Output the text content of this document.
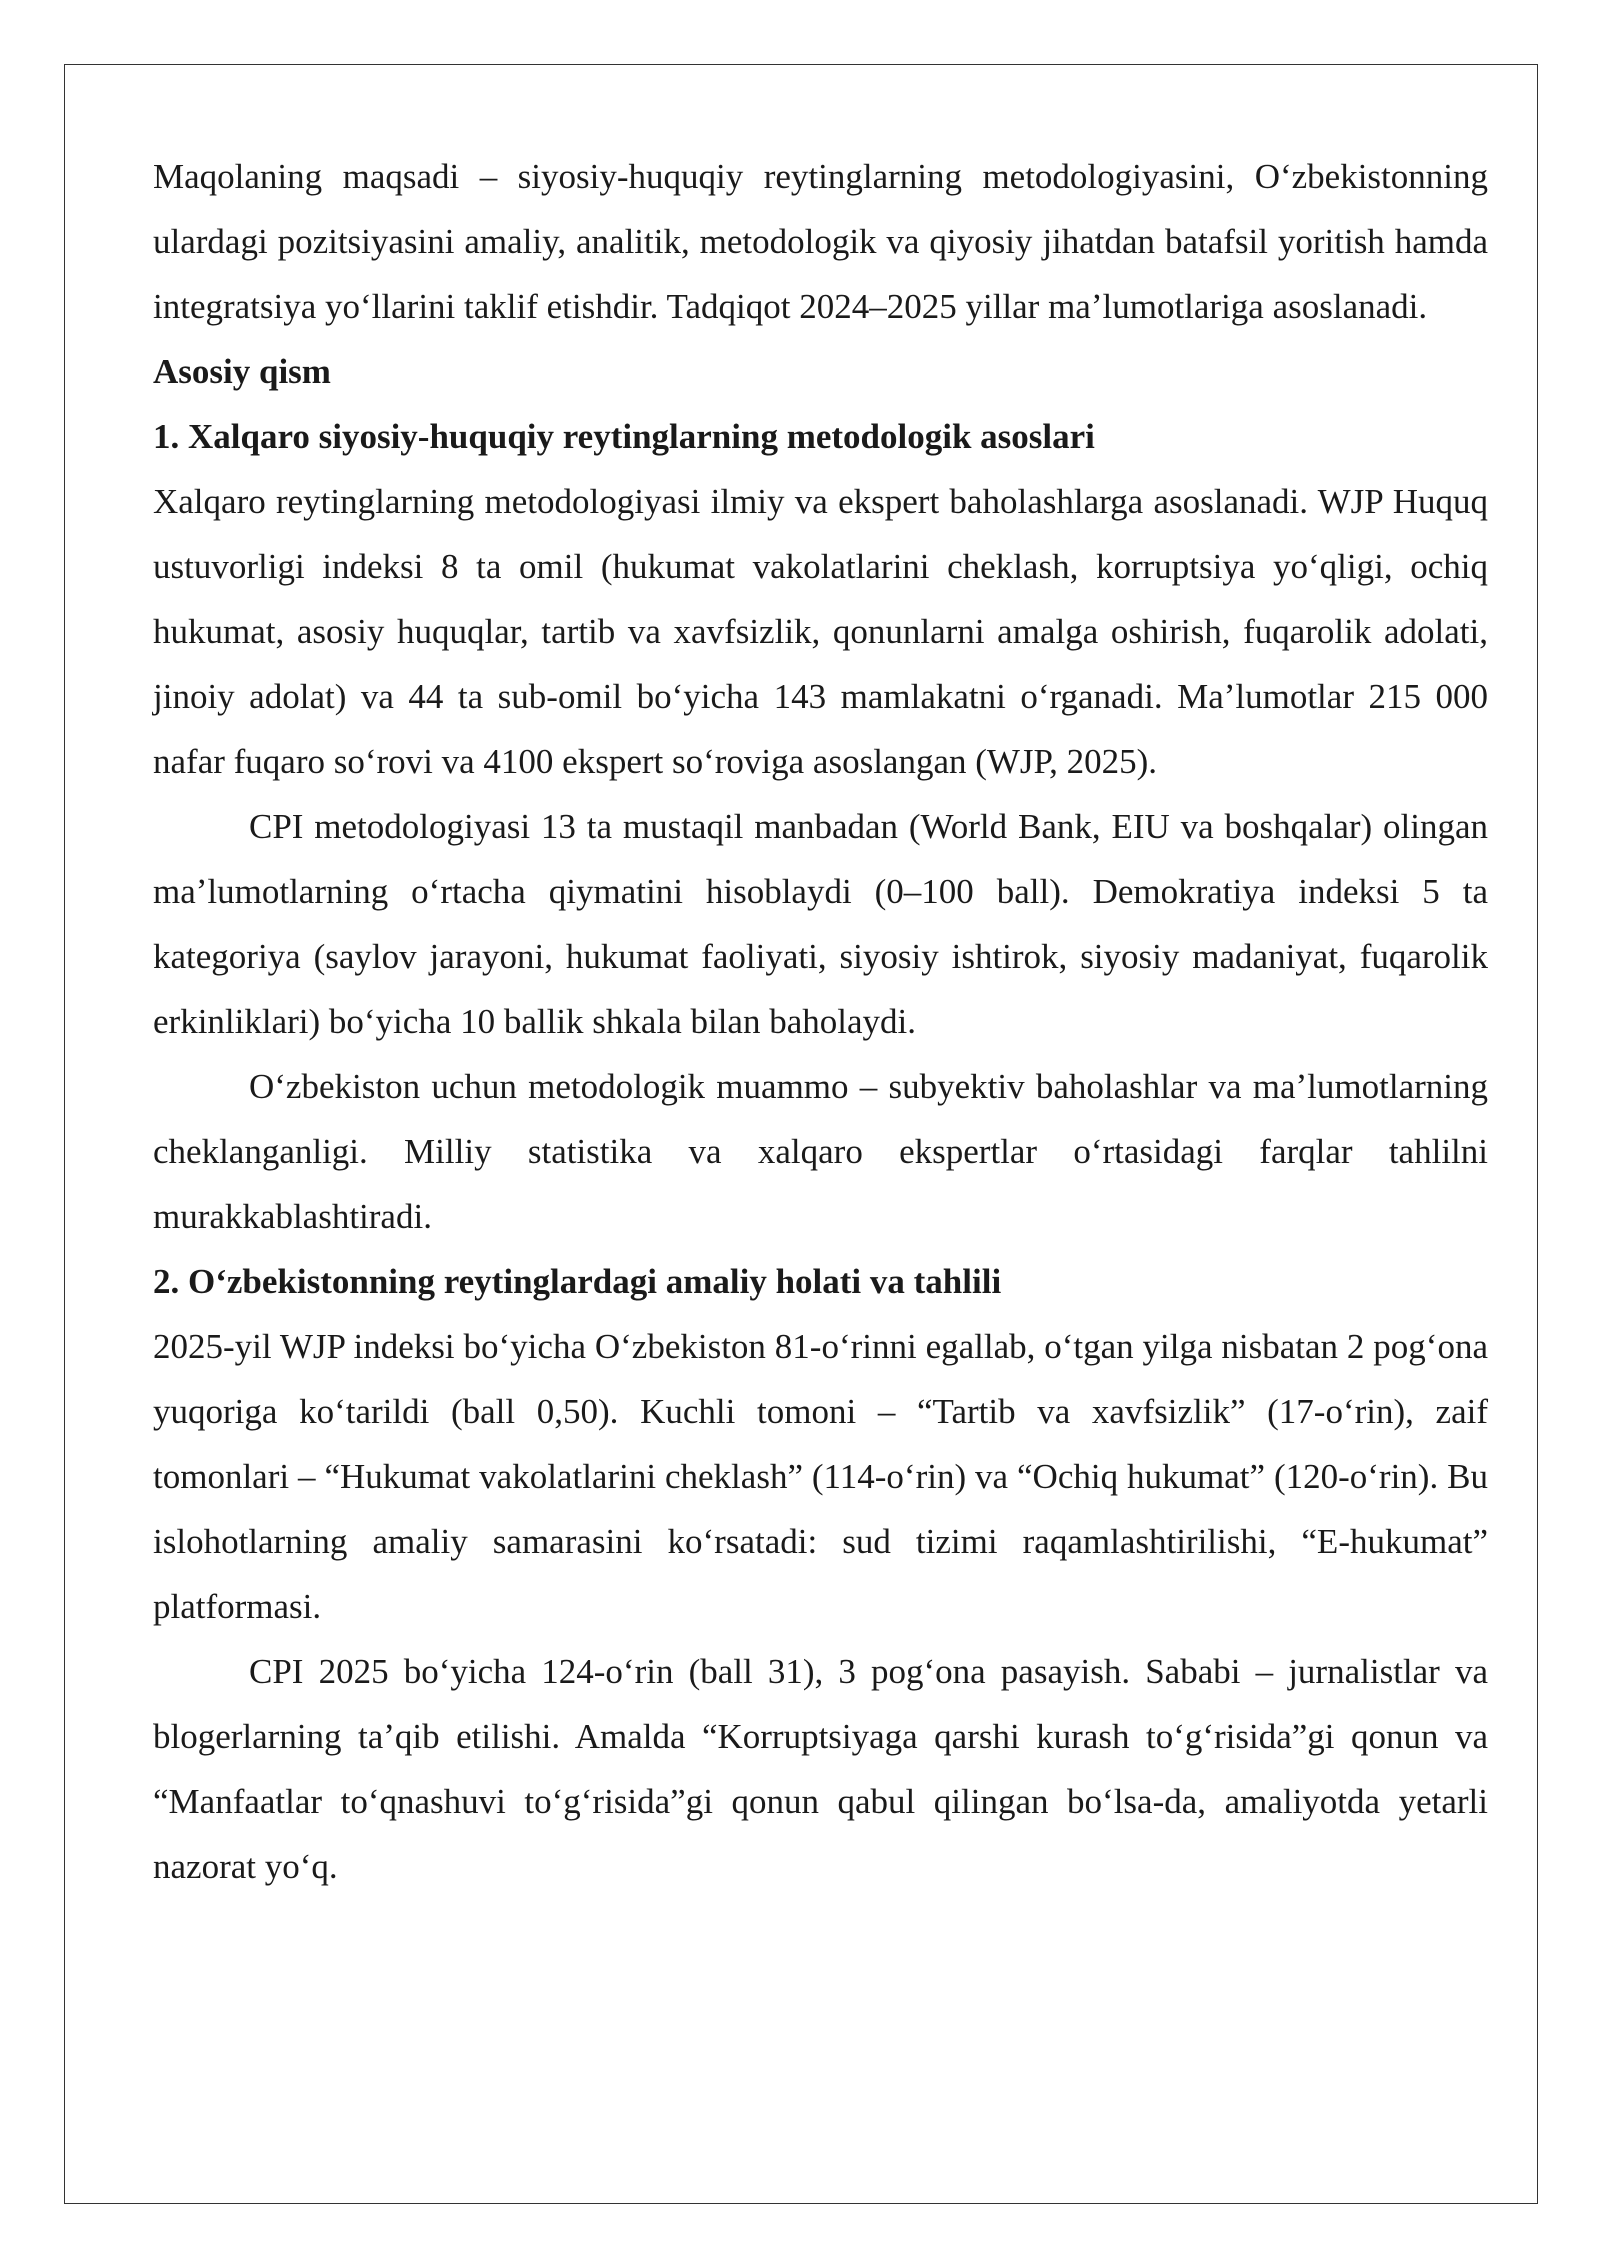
Maqolaning maqsadi – siyosiy-huquqiy reytinglarning metodologiyasini, Oʻzbekistonning ulardagi pozitsiyasini amaliy, analitik, metodologik va qiyosiy jihatdan batafsil yoritish hamda integratsiya yoʻllarini taklif etishdir. Tadqiqot 2024–2025 yillar maʼlumotlariga asoslanadi.

Asosiy qism
1. Xalqaro siyosiy-huquqiy reytinglarning metodologik asoslari

Xalqaro reytinglarning metodologiyasi ilmiy va ekspert baholashlarga asoslanadi. WJP Huquq ustuvorligi indeksi 8 ta omil (hukumat vakolatlarini cheklash, korruptsiya yoʻqligi, ochiq hukumat, asosiy huquqlar, tartib va xavfsizlik, qonunlarni amalga oshirish, fuqarolik adolati, jinoiy adolat) va 44 ta sub-omil boʻyicha 143 mamlakatni oʻrganadi. Maʼlumotlar 215 000 nafar fuqaro soʻrovi va 4100 ekspert soʻroviga asoslangan (WJP, 2025).

CPI metodologiyasi 13 ta mustaqil manbadan (World Bank, EIU va boshqalar) olingan maʼlumotlarning oʻrtacha qiymatini hisoblaydi (0–100 ball). Demokratiya indeksi 5 ta kategoriya (saylov jarayoni, hukumat faoliyati, siyosiy ishtirok, siyosiy madaniyat, fuqarolik erkinliklari) boʻyicha 10 ballik shkala bilan baholaydi.

Oʻzbekiston uchun metodologik muammo – subyektiv baholashlar va maʼlumotlarning cheklanganligi. Milliy statistika va xalqaro ekspertlar oʻrtasidagi farqlar tahlilni murakkablashtiradi.

2. Oʻzbekistonning reytinglardagi amaliy holati va tahlili

2025-yil WJP indeksi boʻyicha Oʻzbekiston 81-oʻrinni egallab, oʻtgan yilga nisbatan 2 pogʻona yuqoriga koʻtarildi (ball 0,50). Kuchli tomoni – “Tartib va xavfsizlik” (17-oʻrin), zaif tomonlari – “Hukumat vakolatlarini cheklash” (114-oʻrin) va “Ochiq hukumat” (120-oʻrin). Bu islohotlarning amaliy samarasini koʻrsatadi: sud tizimi raqamlashtirilishi, “E-hukumat” platformasi.

CPI 2025 boʻyicha 124-oʻrin (ball 31), 3 pogʻona pasayish. Sababi – jurnalistlar va blogerlarning taʼqib etilishi. Amalda “Korruptsiyaga qarshi kurash toʻgʻrisida”gi qonun va “Manfaatlar toʻqnashuvi toʻgʻrisida”gi qonun qabul qilingan boʻlsa-da, amaliyotda yetarli nazorat yoʻq.
